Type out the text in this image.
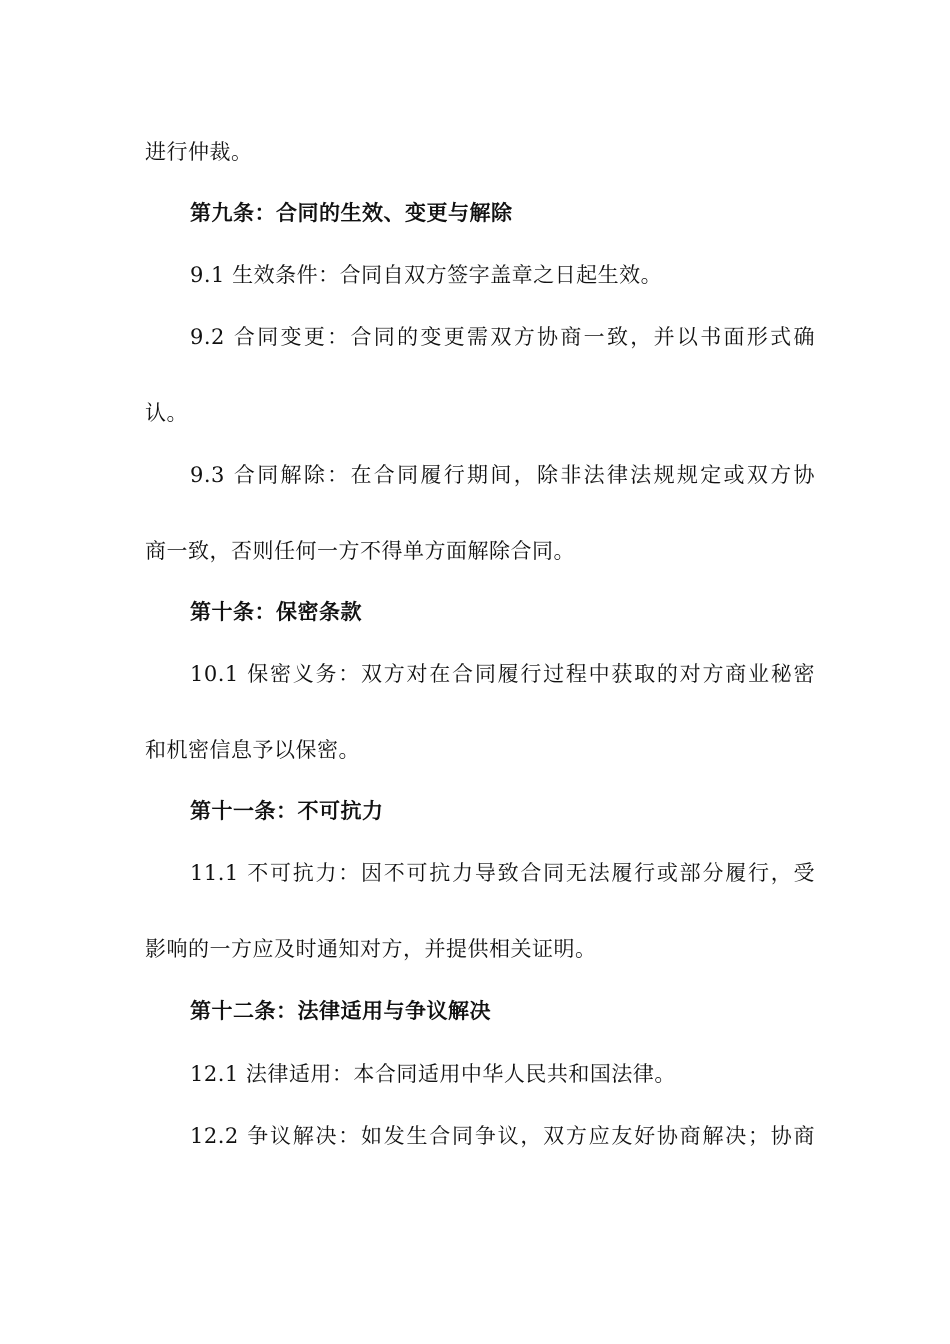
进行仲裁。
第九条：合同的生效、变更与解除
9.1 生效条件：合同自双方签字盖章之日起生效。
9.2 合同变更：合同的变更需双方协商一致，并以书面形式确
认。
9.3 合同解除：在合同履行期间，除非法律法规规定或双方协
商一致，否则任何一方不得单方面解除合同。
第十条：保密条款
10.1 保密义务：双方对在合同履行过程中获取的对方商业秘密
和机密信息予以保密。
第十一条：不可抗力
11.1 不可抗力：因不可抗力导致合同无法履行或部分履行，受
影响的一方应及时通知对方，并提供相关证明。
第十二条：法律适用与争议解决
12.1 法律适用：本合同适用中华人民共和国法律。
12.2 争议解决：如发生合同争议，双方应友好协商解决；协商
